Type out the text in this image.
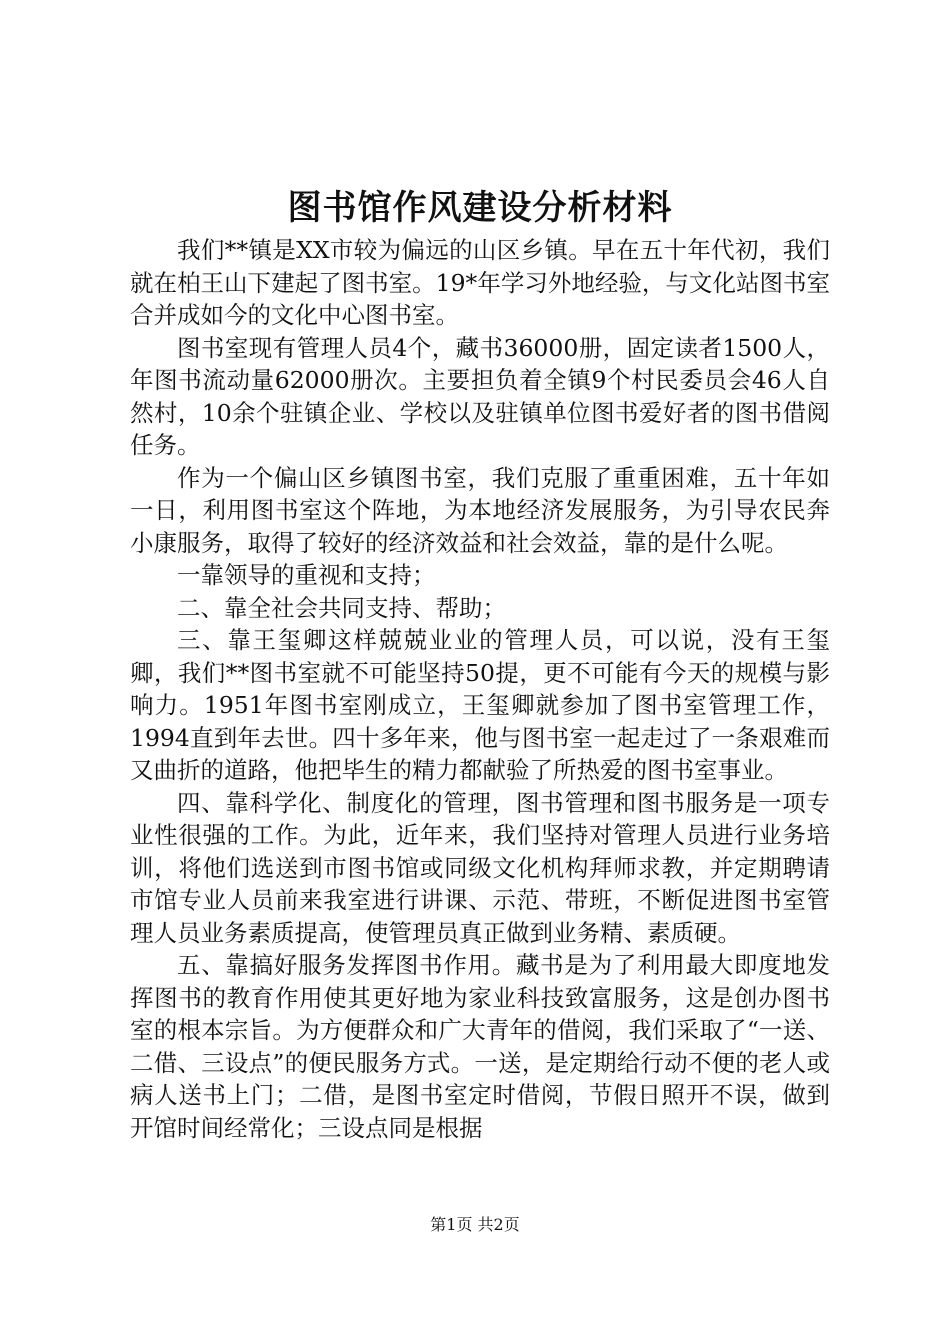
图书馆作风建设分析材料

我们**镇是XX市较为偏远的山区乡镇。早在五十年代初，我们就在柏王山下建起了图书室。19*年学习外地经验，与文化站图书室合并成如今的文化中心图书室。

图书室现有管理人员4个，藏书36000册，固定读者1500人，年图书流动量62000册次。主要担负着全镇9个村民委员会46人自然村，10余个驻镇企业、学校以及驻镇单位图书爱好者的图书借阅任务。

作为一个偏山区乡镇图书室，我们克服了重重困难，五十年如一日，利用图书室这个阵地，为本地经济发展服务，为引导农民奔小康服务，取得了较好的经济效益和社会效益，靠的是什么呢。

一靠领导的重视和支持；

二、靠全社会共同支持、帮助；

三、靠王玺卿这样兢兢业业的管理人员，可以说，没有王玺卿，我们**图书室就不可能坚持50提，更不可能有今天的规模与影响力。1951年图书室刚成立，王玺卿就参加了图书室管理工作，1994直到年去世。四十多年来，他与图书室一起走过了一条艰难而又曲折的道路，他把毕生的精力都献验了所热爱的图书室事业。

四、靠科学化、制度化的管理，图书管理和图书服务是一项专业性很强的工作。为此，近年来，我们坚持对管理人员进行业务培训，将他们选送到市图书馆或同级文化机构拜师求教，并定期聘请市馆专业人员前来我室进行讲课、示范、带班，不断促进图书室管理人员业务素质提高，使管理员真正做到业务精、素质硬。

五、靠搞好服务发挥图书作用。藏书是为了利用最大即度地发挥图书的教育作用使其更好地为家业科技致富服务，这是创办图书室的根本宗旨。为方便群众和广大青年的借阅，我们采取了“一送、二借、三设点”的便民服务方式。一送，是定期给行动不便的老人或病人送书上门；二借，是图书室定时借阅，节假日照开不误，做到开馆时间经常化；三设点同是根据

第1页 共2页
